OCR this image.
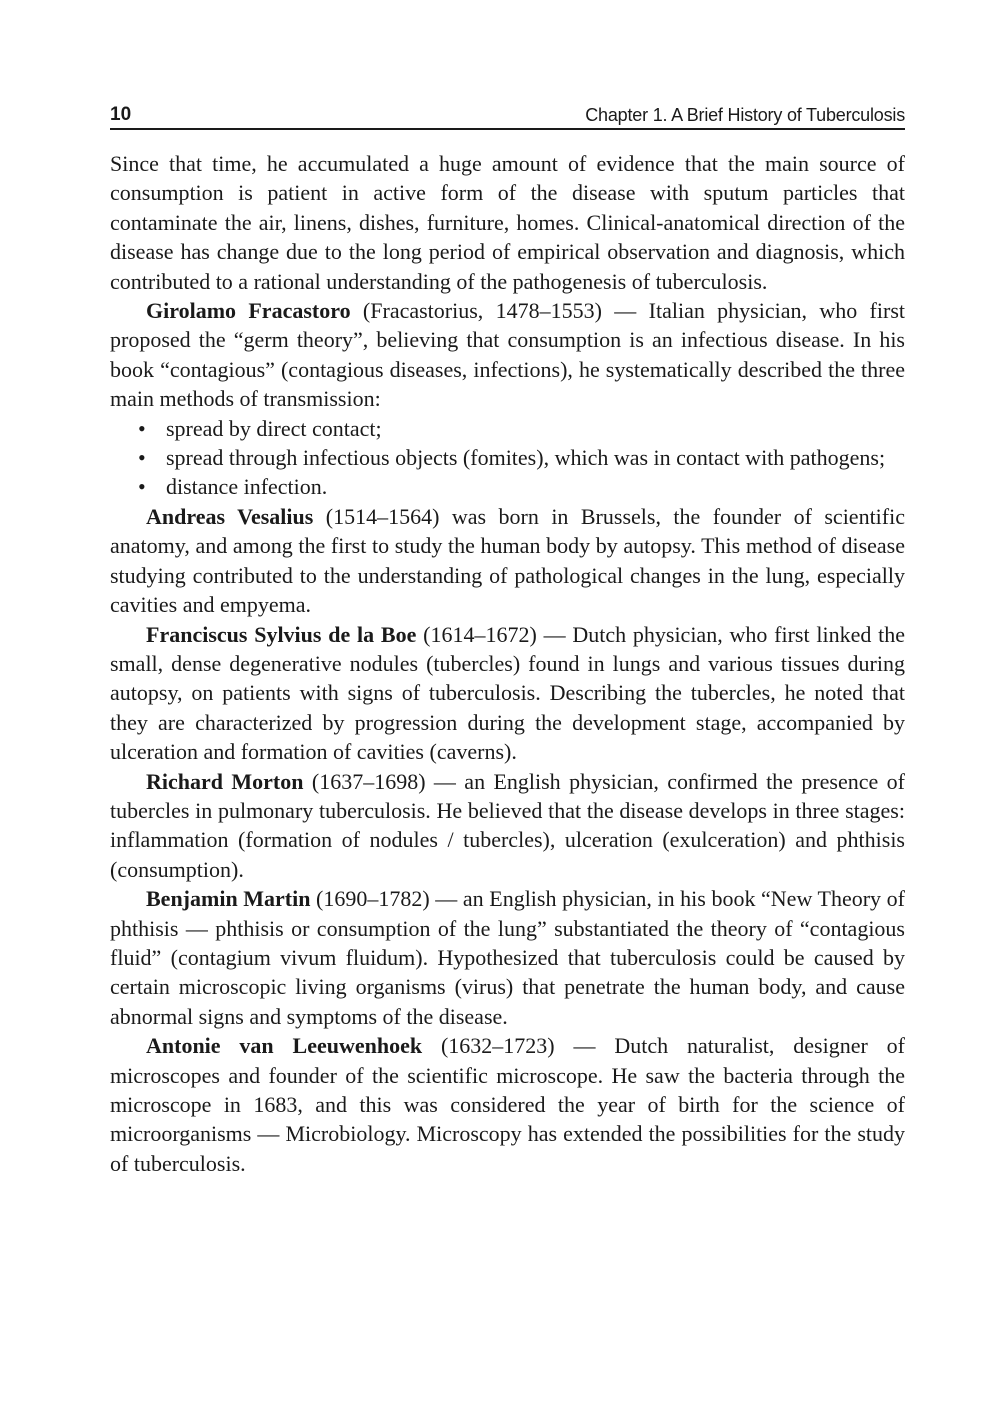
10	Chapter 1. A Brief History of Tuberculosis

Since that time, he accumulated a huge amount of evidence that the main source of consumption is patient in active form of the disease with sputum particles that contaminate the air, linens, dishes, furniture, homes. Clinical-anatomical direction of the disease has change due to the long period of empirical observation and diagnosis, which contributed to a rational understanding of the pathogenesis of tuberculosis.

Girolamo Fracastoro (Fracastorius, 1478–1553) — Italian physician, who first proposed the “germ theory”, believing that consumption is an infectious disease. In his book “contagious” (contagious diseases, infections), he systematically described the three main methods of transmission:

• spread by direct contact;
• spread through infectious objects (fomites), which was in contact with pathogens;
• distance infection.

Andreas Vesalius (1514–1564) was born in Brussels, the founder of scientific anatomy, and among the first to study the human body by autopsy. This method of disease studying contributed to the understanding of pathological changes in the lung, especially cavities and empyema.

Franciscus Sylvius de la Boe (1614–1672) — Dutch physician, who first linked the small, dense degenerative nodules (tubercles) found in lungs and various tissues during autopsy, on patients with signs of tuberculosis. Describing the tubercles, he noted that they are characterized by progression during the development stage, accompanied by ulceration and formation of cavities (caverns).

Richard Morton (1637–1698) — an English physician, confirmed the presence of tubercles in pulmonary tuberculosis. He believed that the disease develops in three stages: inflammation (formation of nodules / tubercles), ulceration (exulceration) and phthisis (consumption).

Benjamin Martin (1690–1782) — an English physician, in his book “New Theory of phthisis — phthisis or consumption of the lung” substantiated the theory of “contagious fluid” (contagium vivum fluidum). Hypothesized that tuberculosis could be caused by certain microscopic living organisms (virus) that penetrate the human body, and cause abnormal signs and symptoms of the disease.

Antonie van Leeuwenhoek (1632–1723) — Dutch naturalist, designer of microscopes and founder of the scientific microscope. He saw the bacteria through the microscope in 1683, and this was considered the year of birth for the science of microorganisms — Microbiology. Microscopy has extended the possibilities for the study of tuberculosis.
